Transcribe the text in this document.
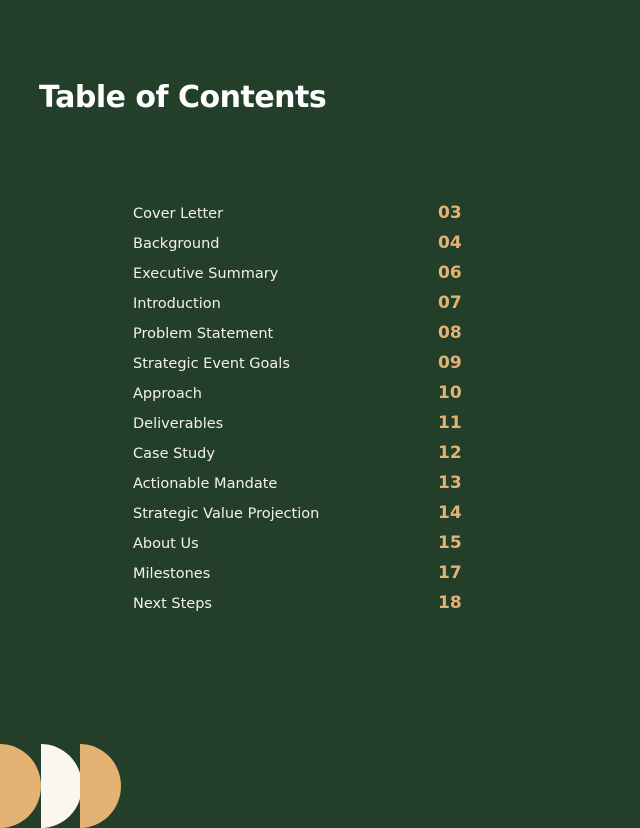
Table of Contents
Cover Letter	03
Background	04
Executive Summary	06
Introduction	07
Problem Statement	08
Strategic Event Goals	09
Approach	10
Deliverables	11
Case Study	12
Actionable Mandate	13
Strategic Value Projection	14
About Us	15
Milestones	17
Next Steps	18
